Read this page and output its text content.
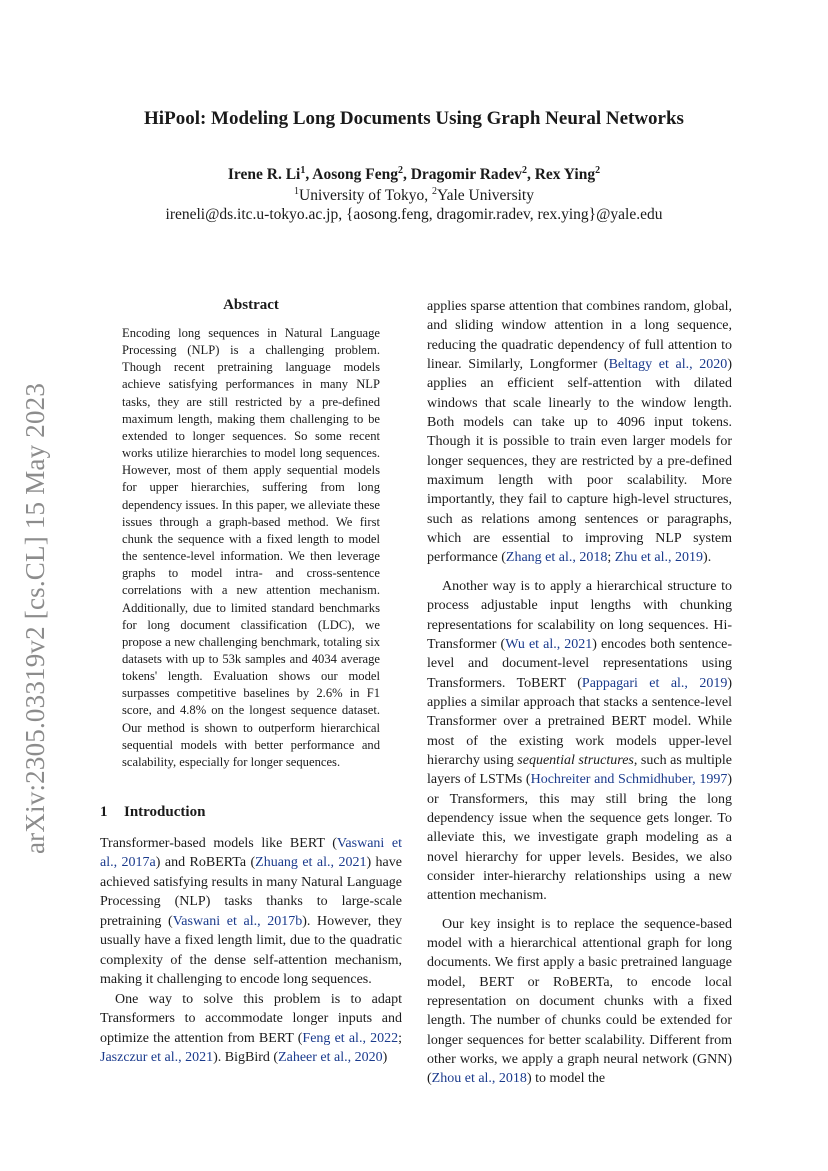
arXiv:2305.03319v2 [cs.CL] 15 May 2023
HiPool: Modeling Long Documents Using Graph Neural Networks
Irene R. Li$^1$, Aosong Feng$^2$, Dragomir Radev$^2$, Rex Ying$^2$
$^1$University of Tokyo, $^2$Yale University
ireneli@ds.itc.u-tokyo.ac.jp, {aosong.feng, dragomir.radev, rex.ying}@yale.edu
Abstract
Encoding long sequences in Natural Language Processing (NLP) is a challenging problem. Though recent pretraining language models achieve satisfying performances in many NLP tasks, they are still restricted by a pre-defined maximum length, making them challenging to be extended to longer sequences. So some recent works utilize hierarchies to model long sequences. However, most of them apply sequential models for upper hierarchies, suffering from long dependency issues. In this paper, we alleviate these issues through a graph-based method. We first chunk the sequence with a fixed length to model the sentence-level information. We then leverage graphs to model intra- and cross-sentence correlations with a new attention mechanism. Additionally, due to limited standard benchmarks for long document classification (LDC), we propose a new challenging benchmark, totaling six datasets with up to 53k samples and 4034 average tokens' length. Evaluation shows our model surpasses competitive baselines by 2.6% in F1 score, and 4.8% on the longest sequence dataset. Our method is shown to outperform hierarchical sequential models with better performance and scalability, especially for longer sequences.
1 Introduction

Transformer-based models like BERT (Vaswani et al., 2017a) and RoBERTa (Zhuang et al., 2021) have achieved satisfying results in many Natural Language Processing (NLP) tasks thanks to large-scale pretraining (Vaswani et al., 2017b). However, they usually have a fixed length limit, due to the quadratic complexity of the dense self-attention mechanism, making it challenging to encode long sequences.

One way to solve this problem is to adapt Transformers to accommodate longer inputs and optimize the attention from BERT (Feng et al., 2022; Jaszczur et al., 2021). BigBird (Zaheer et al., 2020)

applies sparse attention that combines random, global, and sliding window attention in a long sequence, reducing the quadratic dependency of full attention to linear. Similarly, Longformer (Beltagy et al., 2020) applies an efficient self-attention with dilated windows that scale linearly to the window length. Both models can take up to 4096 input tokens. Though it is possible to train even larger models for longer sequences, they are restricted by a pre-defined maximum length with poor scalability. More importantly, they fail to capture high-level structures, such as relations among sentences or paragraphs, which are essential to improving NLP system performance (Zhang et al., 2018; Zhu et al., 2019).

Another way is to apply a hierarchical structure to process adjustable input lengths with chunking representations for scalability on long sequences. Hi-Transformer (Wu et al., 2021) encodes both sentence-level and document-level representations using Transformers. ToBERT (Pappagari et al., 2019) applies a similar approach that stacks a sentence-level Transformer over a pretrained BERT model. While most of the existing work models upper-level hierarchy using sequential structures, such as multiple layers of LSTMs (Hochreiter and Schmidhuber, 1997) or Transformers, this may still bring the long dependency issue when the sequence gets longer. To alleviate this, we investigate graph modeling as a novel hierarchy for upper levels. Besides, we also consider inter-hierarchy relationships using a new attention mechanism.

Our key insight is to replace the sequence-based model with a hierarchical attentional graph for long documents. We first apply a basic pretrained language model, BERT or RoBERTa, to encode local representation on document chunks with a fixed length. The number of chunks could be extended for longer sequences for better scalability. Different from other works, we apply a graph neural network (GNN) (Zhou et al., 2018) to model the
